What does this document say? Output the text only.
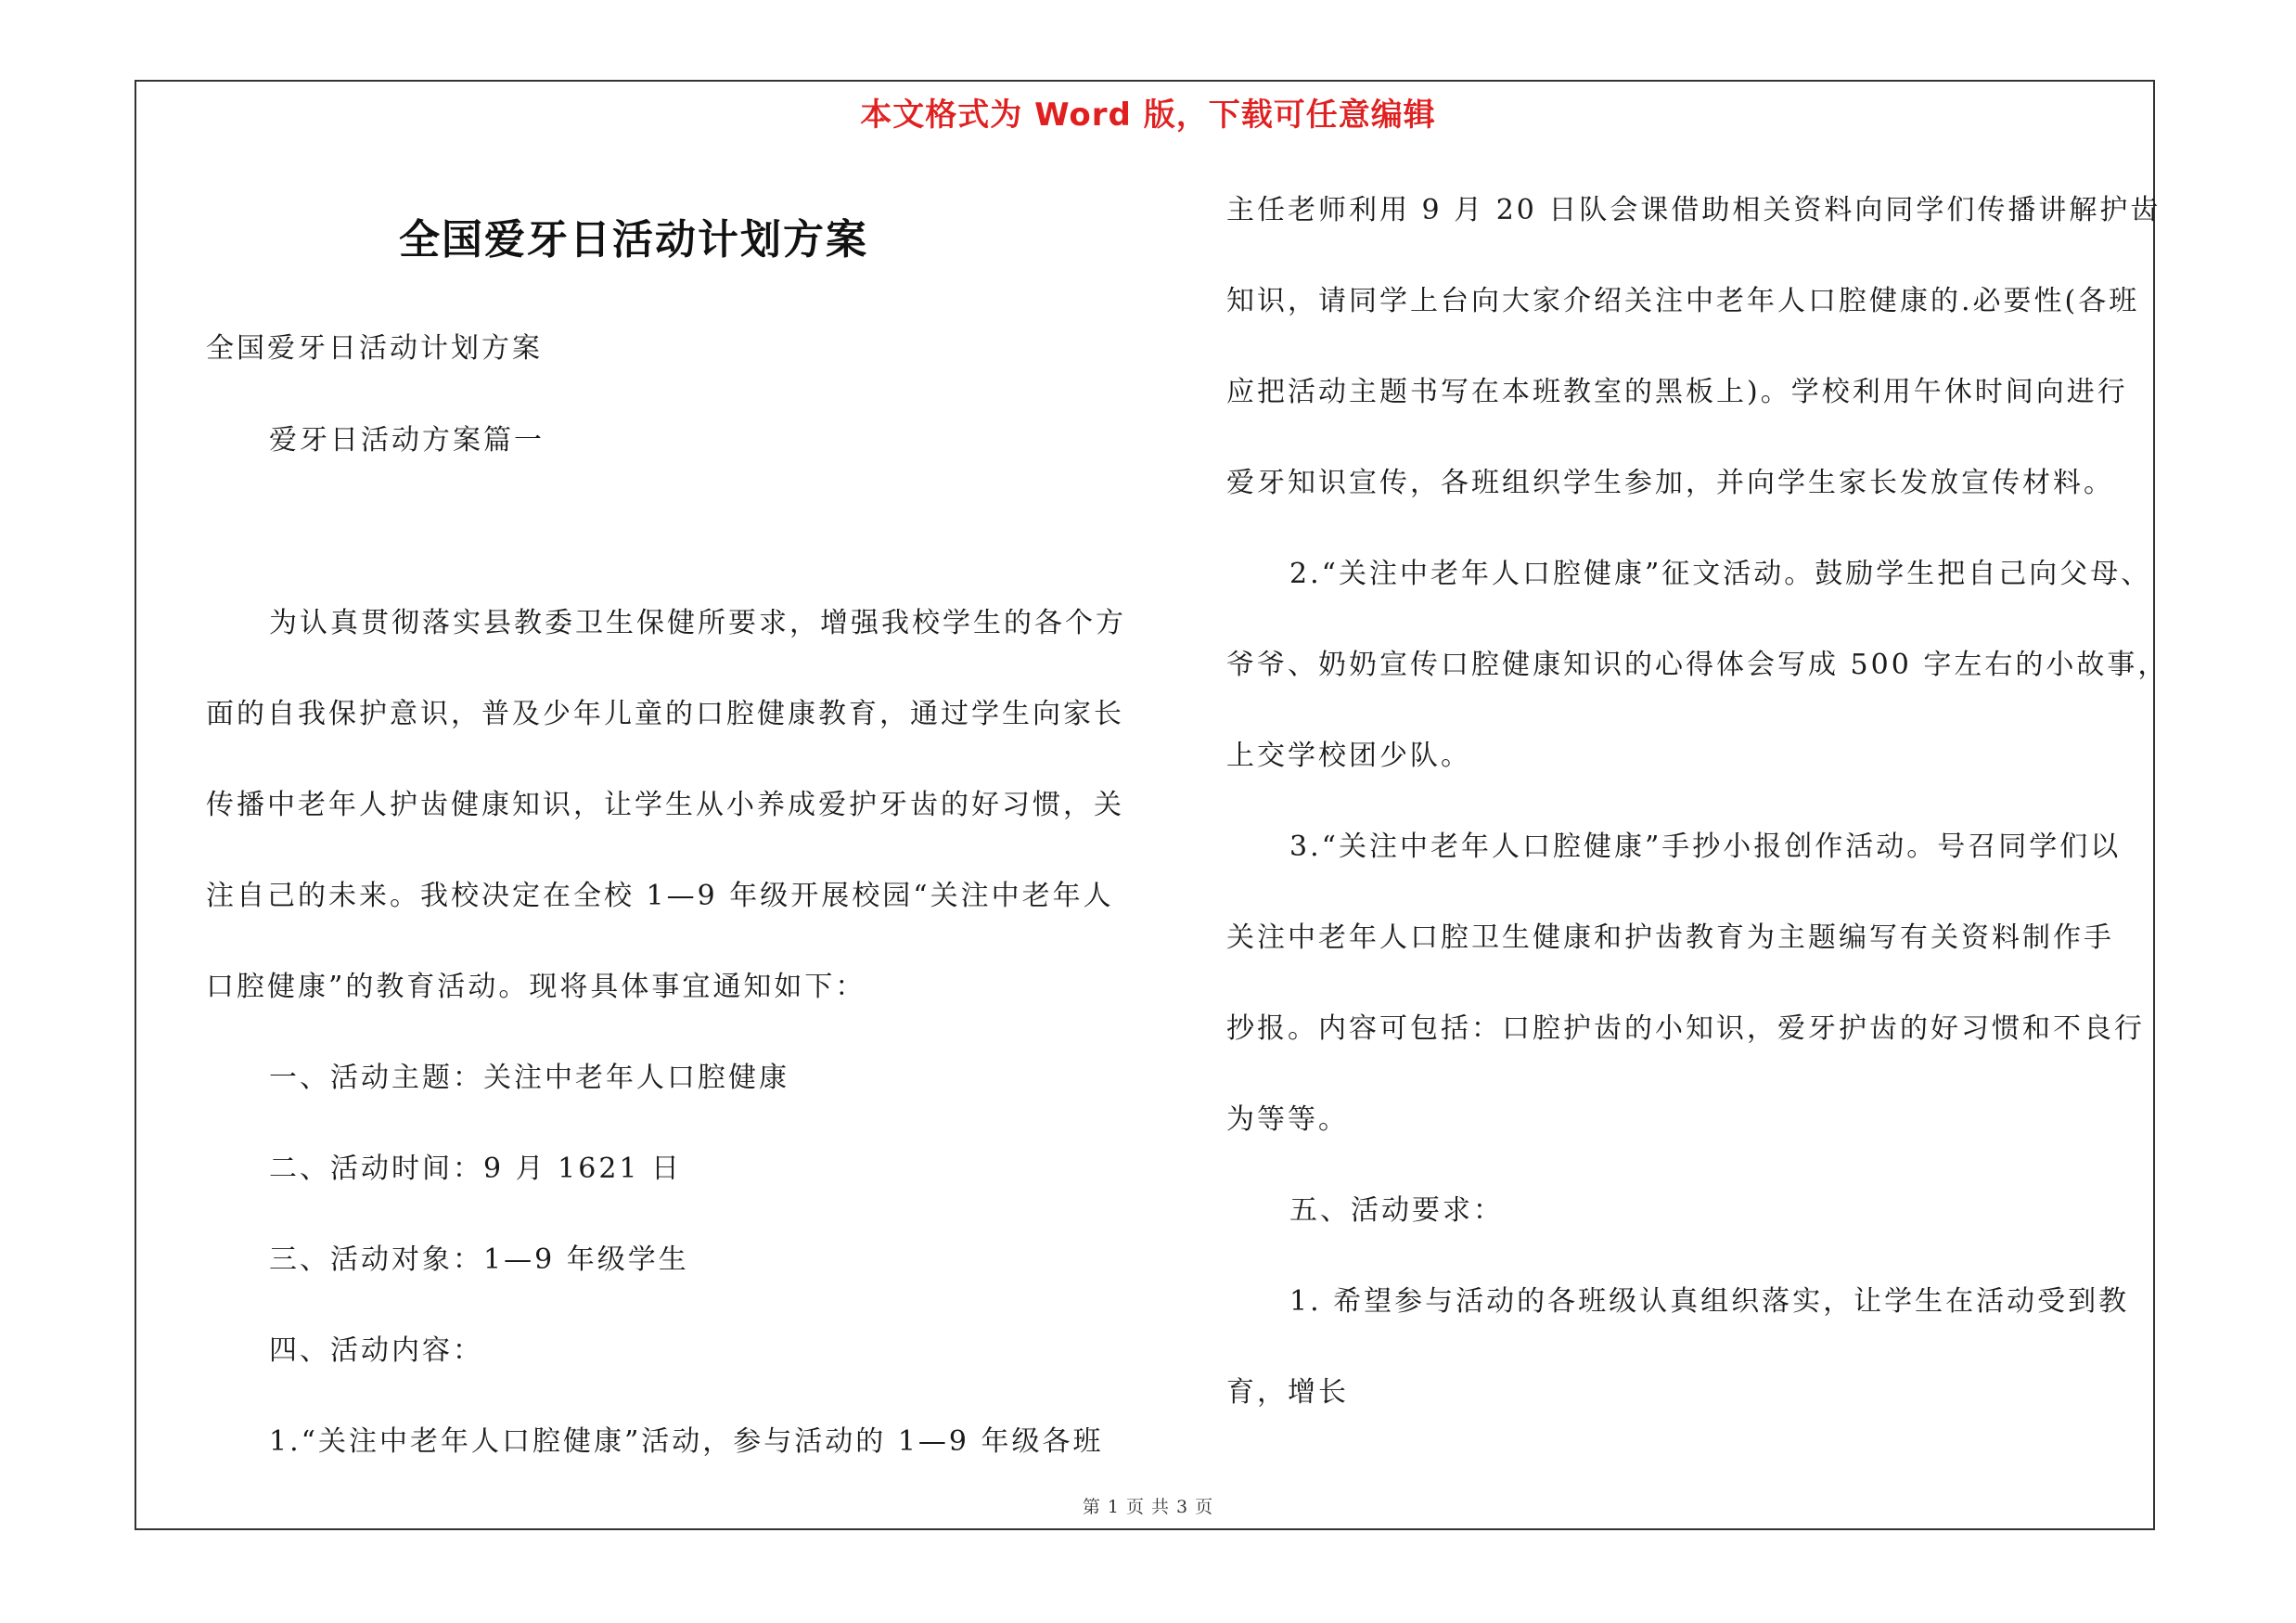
本文格式为 Word 版，下载可任意编辑
全国爱牙日活动计划方案
全国爱牙日活动计划方案
爱牙日活动方案篇一
为认真贯彻落实县教委卫生保健所要求，增强我校学生的各个方
面的自我保护意识，普及少年儿童的口腔健康教育，通过学生向家长
传播中老年人护齿健康知识，让学生从小养成爱护牙齿的好习惯，关
注自己的未来。我校决定在全校 1—9 年级开展校园“关注中老年人
口腔健康”的教育活动。现将具体事宜通知如下：
一、活动主题：关注中老年人口腔健康
二、活动时间：9 月 1621 日
三、活动对象：1—9 年级学生
四、活动内容：
1.“关注中老年人口腔健康”活动，参与活动的 1—9 年级各班
主任老师利用 9 月 20 日队会课借助相关资料向同学们传播讲解护齿
知识，请同学上台向大家介绍关注中老年人口腔健康的.必要性(各班
应把活动主题书写在本班教室的黑板上)。学校利用午休时间向进行
爱牙知识宣传，各班组织学生参加，并向学生家长发放宣传材料。
2.“关注中老年人口腔健康”征文活动。鼓励学生把自己向父母、
爷爷、奶奶宣传口腔健康知识的心得体会写成 500 字左右的小故事，
上交学校团少队。
3.“关注中老年人口腔健康”手抄小报创作活动。号召同学们以
关注中老年人口腔卫生健康和护齿教育为主题编写有关资料制作手
抄报。内容可包括：口腔护齿的小知识，爱牙护齿的好习惯和不良行
为等等。
五、活动要求：
1. 希望参与活动的各班级认真组织落实，让学生在活动受到教
育，增长
第 1 页 共 3 页
